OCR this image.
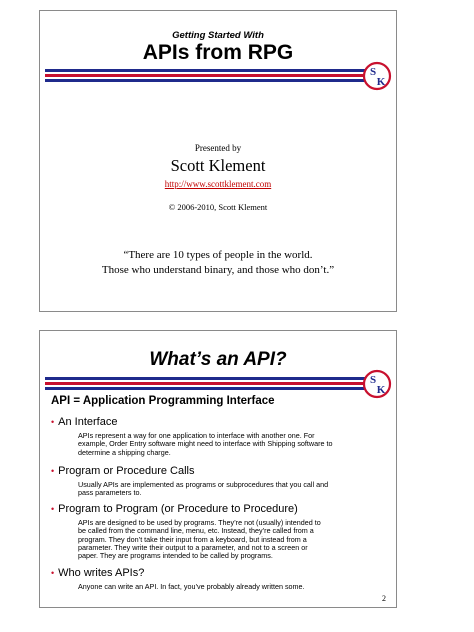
Getting Started With
APIs from RPG
S
K
Presented by
Scott Klement
http://www.scottklement.com
© 2006-2010, Scott Klement
“There are 10 types of people in the world.
Those who understand binary, and those who don’t.”
What’s an API?
S
K
API = Application Programming Interface
• An Interface
APIs represent a way for one application to interface with another one. For
example, Order Entry software might need to interface with Shipping software to
determine a shipping charge.
• Program or Procedure Calls
Usually APIs are implemented as programs or subprocedures that you call and
pass parameters to.
• Program to Program (or Procedure to Procedure)
APIs are designed to be used by programs. They’re not (usually) intended to
be called from the command line, menu, etc. Instead, they’re called from a
program. They don’t take their input from a keyboard, but instead from a
parameter. They write their output to a parameter, and not to a screen or
paper. They are programs intended to be called by programs.
• Who writes APIs?
Anyone can write an API. In fact, you’ve probably already written some.
2
